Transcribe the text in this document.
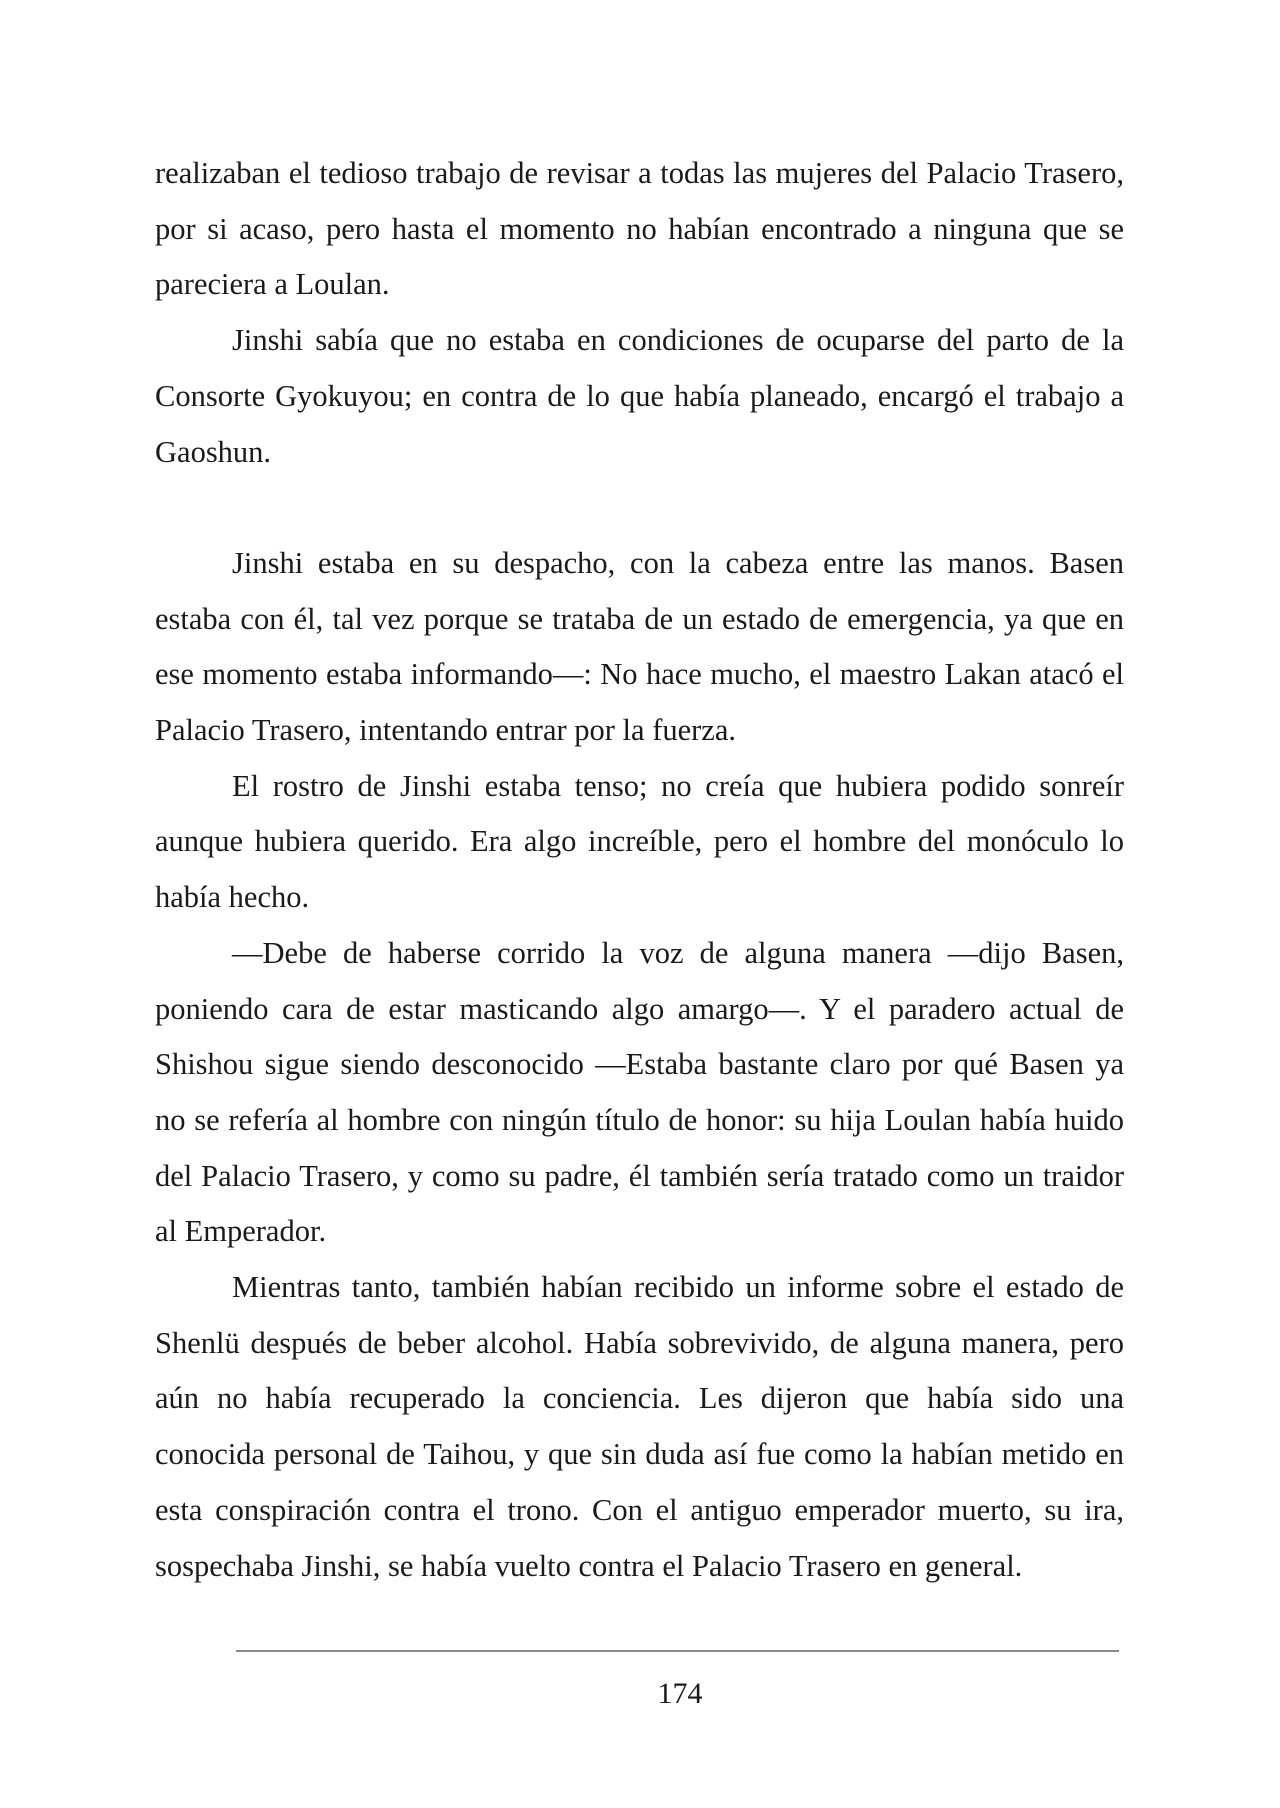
realizaban el tedioso trabajo de revisar a todas las mujeres del Palacio Trasero, por si acaso, pero hasta el momento no habían encontrado a ninguna que se pareciera a Loulan.

Jinshi sabía que no estaba en condiciones de ocuparse del parto de la Consorte Gyokuyou; en contra de lo que había planeado, encargó el trabajo a Gaoshun.

Jinshi estaba en su despacho, con la cabeza entre las manos. Basen estaba con él, tal vez porque se trataba de un estado de emergencia, ya que en ese momento estaba informando—: No hace mucho, el maestro Lakan atacó el Palacio Trasero, intentando entrar por la fuerza.

El rostro de Jinshi estaba tenso; no creía que hubiera podido sonreír aunque hubiera querido. Era algo increíble, pero el hombre del monóculo lo había hecho.

—Debe de haberse corrido la voz de alguna manera —dijo Basen, poniendo cara de estar masticando algo amargo—. Y el paradero actual de Shishou sigue siendo desconocido —Estaba bastante claro por qué Basen ya no se refería al hombre con ningún título de honor: su hija Loulan había huido del Palacio Trasero, y como su padre, él también sería tratado como un traidor al Emperador.

Mientras tanto, también habían recibido un informe sobre el estado de Shenlü después de beber alcohol. Había sobrevivido, de alguna manera, pero aún no había recuperado la conciencia. Les dijeron que había sido una conocida personal de Taihou, y que sin duda así fue como la habían metido en esta conspiración contra el trono. Con el antiguo emperador muerto, su ira, sospechaba Jinshi, se había vuelto contra el Palacio Trasero en general.

174
